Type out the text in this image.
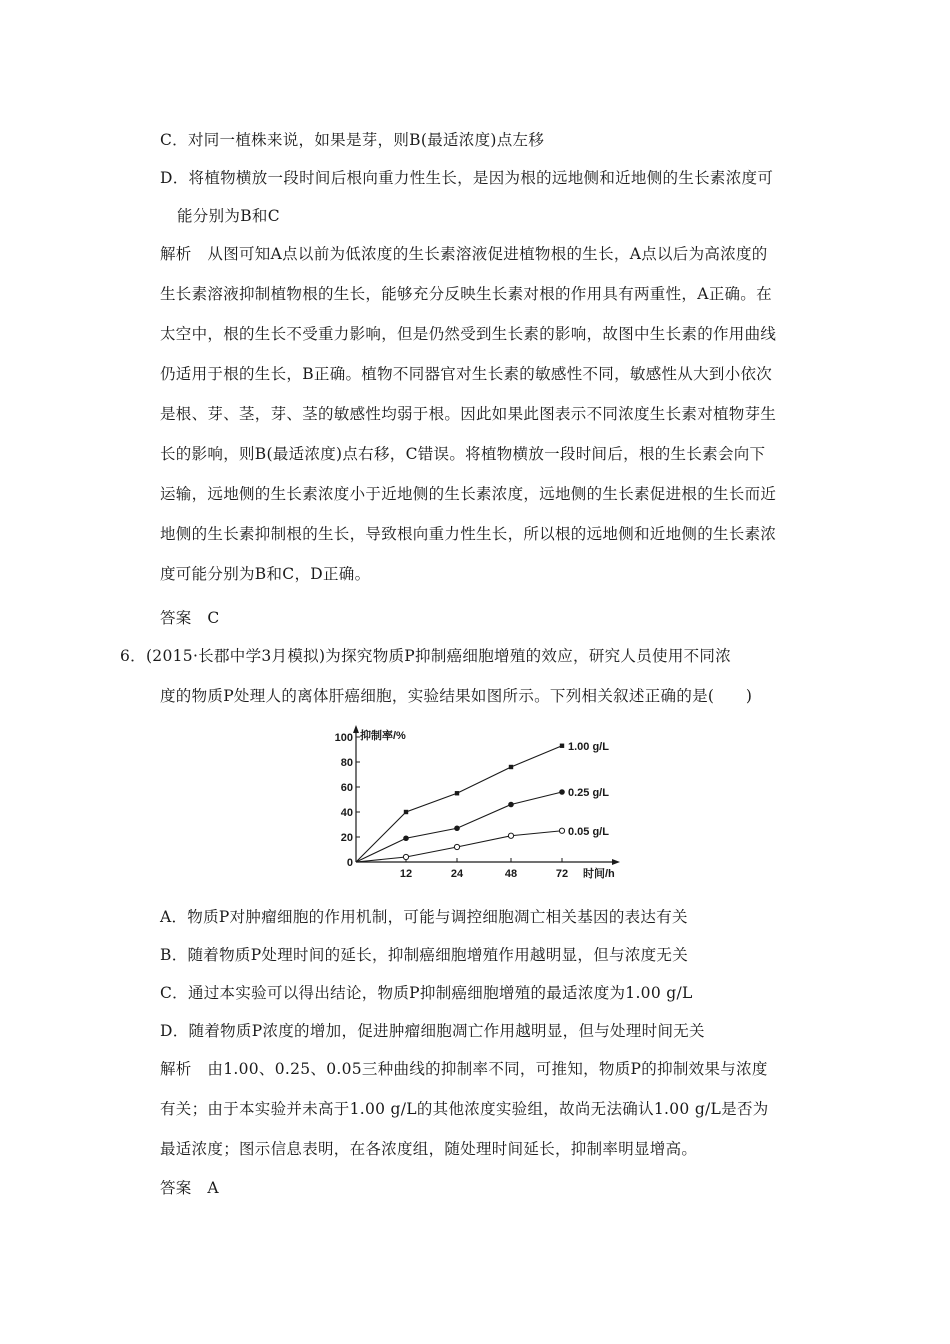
C．对同一植株来说，如果是芽，则B(最适浓度)点左移
D．将植物横放一段时间后根向重力性生长，是因为根的远地侧和近地侧的生长素浓度可
能分别为B和C
解析　从图可知A点以前为低浓度的生长素溶液促进植物根的生长，A点以后为高浓度的
生长素溶液抑制植物根的生长，能够充分反映生长素对根的作用具有两重性，A正确。在
太空中，根的生长不受重力影响，但是仍然受到生长素的影响，故图中生长素的作用曲线
仍适用于根的生长，B正确。植物不同器官对生长素的敏感性不同，敏感性从大到小依次
是根、芽、茎，芽、茎的敏感性均弱于根。因此如果此图表示不同浓度生长素对植物芽生
长的影响，则B(最适浓度)点右移，C错误。将植物横放一段时间后，根的生长素会向下
运输，远地侧的生长素浓度小于近地侧的生长素浓度，远地侧的生长素促进根的生长而近
地侧的生长素抑制根的生长，导致根向重力性生长，所以根的远地侧和近地侧的生长素浓
度可能分别为B和C，D正确。
答案　C
6．(2015·长郡中学3月模拟)为探究物质P抑制癌细胞增殖的效应，研究人员使用不同浓
度的物质P处理人的离体肝癌细胞，实验结果如图所示。下列相关叙述正确的是(　　)
抑制率/%
时间/h
0
20
40
60
80
100
12	24	48	72
1.00 g/L
0.25 g/L
0.05 g/L
A．物质P对肿瘤细胞的作用机制，可能与调控细胞凋亡相关基因的表达有关
B．随着物质P处理时间的延长，抑制癌细胞增殖作用越明显，但与浓度无关
C．通过本实验可以得出结论，物质P抑制癌细胞增殖的最适浓度为1.00 g/L
D．随着物质P浓度的增加，促进肿瘤细胞凋亡作用越明显，但与处理时间无关
解析　由1.00、0.25、0.05三种曲线的抑制率不同，可推知，物质P的抑制效果与浓度
有关；由于本实验并未高于1.00 g/L的其他浓度实验组，故尚无法确认1.00 g/L是否为
最适浓度；图示信息表明，在各浓度组，随处理时间延长，抑制率明显增高。
答案　A
